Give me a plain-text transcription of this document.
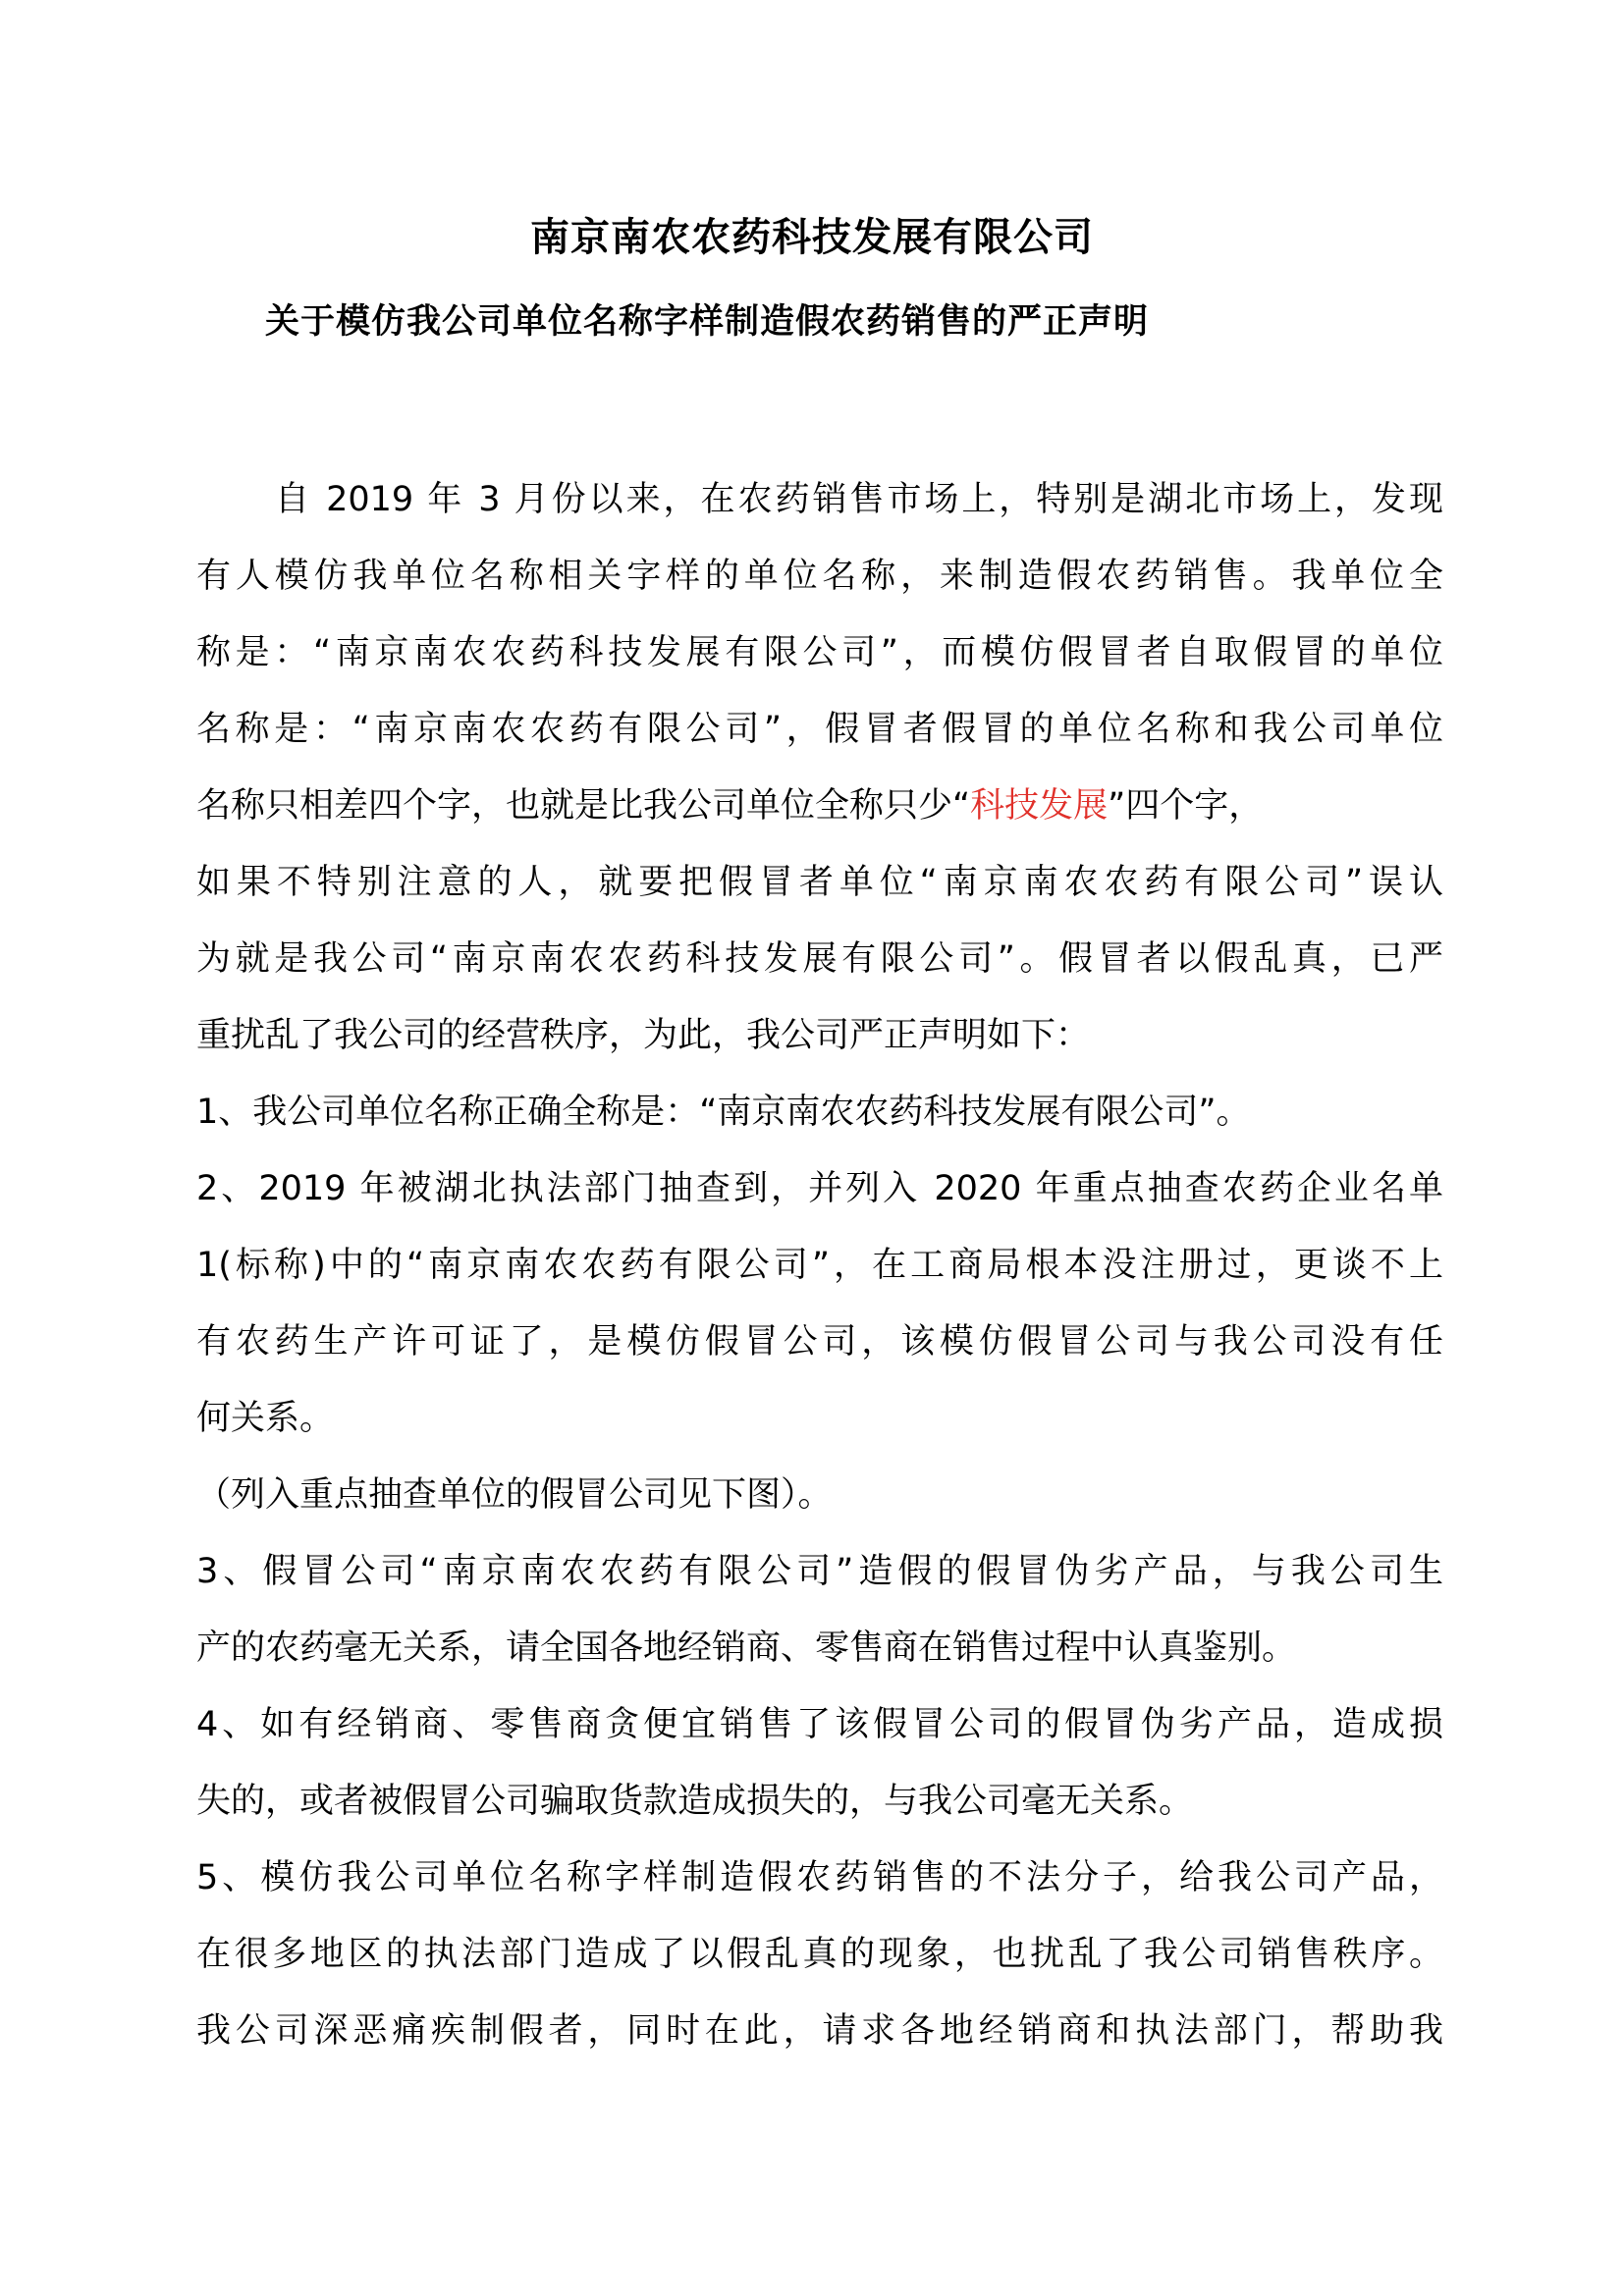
南京南农农药科技发展有限公司
关于模仿我公司单位名称字样制造假农药销售的严正声明
自 2019 年 3 月份以来，在农药销售市场上，特别是湖北市场上，发现
有人模仿我单位名称相关字样的单位名称，来制造假农药销售。我单位全
称是：“南京南农农药科技发展有限公司”，而模仿假冒者自取假冒的单位
名称是：“南京南农农药有限公司”，假冒者假冒的单位名称和我公司单位
名称只相差四个字，也就是比我公司单位全称只少“科技发展”四个字，
如果不特别注意的人，就要把假冒者单位“南京南农农药有限公司”误认
为就是我公司“南京南农农药科技发展有限公司”。假冒者以假乱真，已严
重扰乱了我公司的经营秩序，为此，我公司严正声明如下：
1、我公司单位名称正确全称是：“南京南农农药科技发展有限公司”。
2、2019 年被湖北执法部门抽查到，并列入 2020 年重点抽查农药企业名单
1(标称)中的“南京南农农药有限公司”，在工商局根本没注册过，更谈不上
有农药生产许可证了，是模仿假冒公司，该模仿假冒公司与我公司没有任
何关系。
（列入重点抽查单位的假冒公司见下图）。
3、假冒公司“南京南农农药有限公司”造假的假冒伪劣产品，与我公司生
产的农药毫无关系，请全国各地经销商、零售商在销售过程中认真鉴别。
4、如有经销商、零售商贪便宜销售了该假冒公司的假冒伪劣产品，造成损
失的，或者被假冒公司骗取货款造成损失的，与我公司毫无关系。
5、模仿我公司单位名称字样制造假农药销售的不法分子，给我公司产品，
在很多地区的执法部门造成了以假乱真的现象，也扰乱了我公司销售秩序。
我公司深恶痛疾制假者，同时在此，请求各地经销商和执法部门，帮助我
